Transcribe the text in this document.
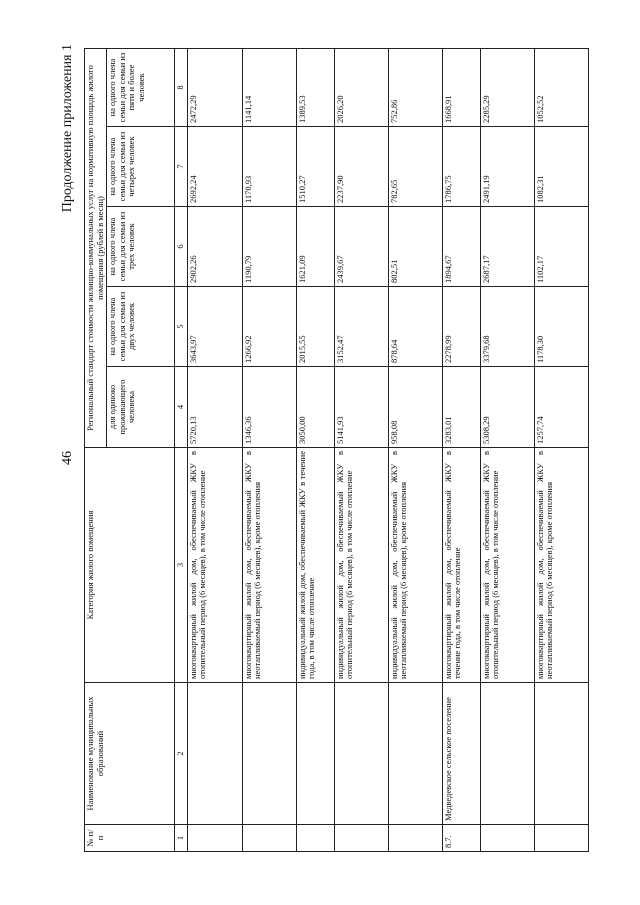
46
Продолжение приложения 1
№ п/п	Наименование муниципальных образований	Категория жилого помещения	Региональный стандарт стоимости жилищно-коммунальных услуг на нормативную площадь жилого помещения (рублей в месяц)				
			для одиноко проживающего человека	на одного члена семьи для семьи из двух человек	на одного члена семьи для семьи из трех человек	на одного члена семьи для семьи из четырех человек	на одного члена семьи для семьи из пяти и более человек
1	2	3	4	5	6	7	8
		многоквартирный жилой дом, обеспечиваемый ЖКУ в отопительный период (6 месяцев), в том числе отопление	5720,13	3643,97	2902,26	2692,24	2472,29
		многоквартирный жилой дом, обеспечиваемый ЖКУ в неотапливаемый период (6 месяцев), кроме отопления	1346,36	1266,92	1190,79	1170,93	1141,14
		индивидуальный жилой дом, обеспечиваемый ЖКУ в течение года, в том числе отопление	3050,00	2015,55	1621,09	1510,27	1389,53
		индивидуальный жилой дом, обеспечиваемый ЖКУ в отопительный период (6 месяцев), в том числе отопление	5141,93	3152,47	2439,67	2237,90	2026,20
		индивидуальный жилой дом, обеспечиваемый ЖКУ в неотапливаемый период (6 месяцев), кроме отопления	958,08	878,64	802,51	782,65	752,86
8.7.	Медведевское сельское поселение	многоквартирный жилой дом, обеспечиваемый ЖКУ в течение года, в том числе отопление	3283,01	2278,99	1894,67	1786,75	1668,91
		многоквартирный жилой дом, обеспечиваемый ЖКУ в отопительный период (6 месяцев), в том числе отопление	5308,29	3379,68	2687,17	2491,19	2285,29
		многоквартирный жилой дом, обеспечиваемый ЖКУ в неотапливаемый период (6 месяцев), кроме отопления	1257,74	1178,30	1102,17	1082,31	1052,52
